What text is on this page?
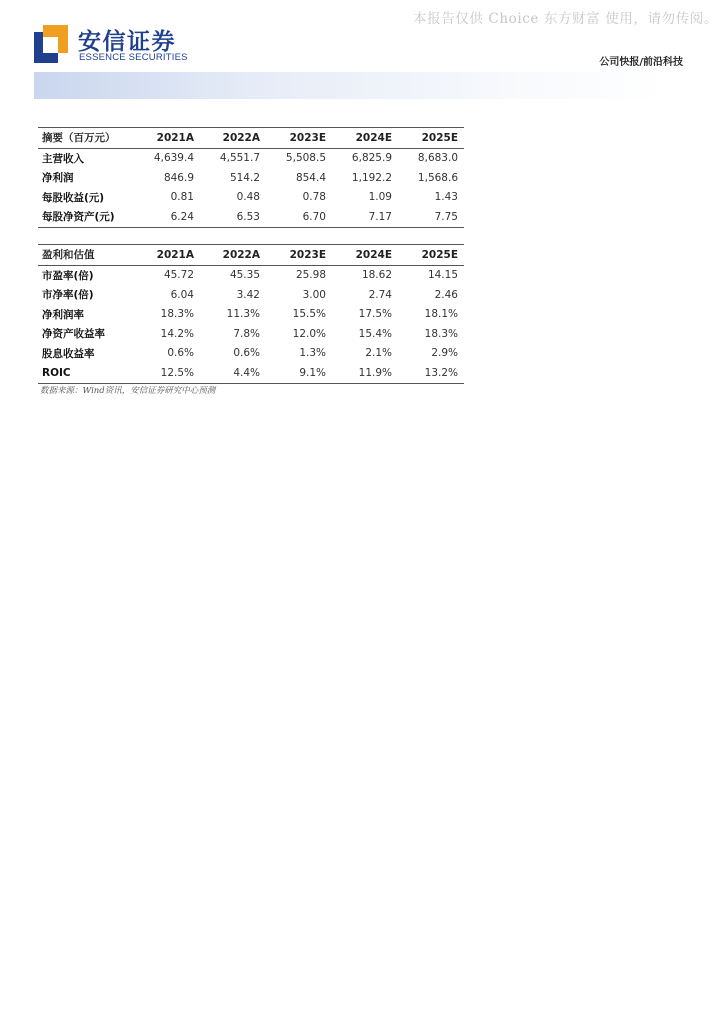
本报告仅供 Choice 东方财富 使用，请勿传阅。
安信证券
ESSENCE SECURITIES	公司快报/前沿科技
摘要（百万元）	2021A	2022A	2023E	2024E	2025E
主营收入	4,639.4	4,551.7	5,508.5	6,825.9	8,683.0
净利润	846.9	514.2	854.4	1,192.2	1,568.6
每股收益(元)	0.81	0.48	0.78	1.09	1.43
每股净资产(元)	6.24	6.53	6.70	7.17	7.75
盈利和估值	2021A	2022A	2023E	2024E	2025E
市盈率(倍)	45.72	45.35	25.98	18.62	14.15
市净率(倍)	6.04	3.42	3.00	2.74	2.46
净利润率	18.3%	11.3%	15.5%	17.5%	18.1%
净资产收益率	14.2%	7.8%	12.0%	15.4%	18.3%
股息收益率	0.6%	0.6%	1.3%	2.1%	2.9%
ROIC	12.5%	4.4%	9.1%	11.9%	13.2%
数据来源：Wind资讯，安信证券研究中心预测
